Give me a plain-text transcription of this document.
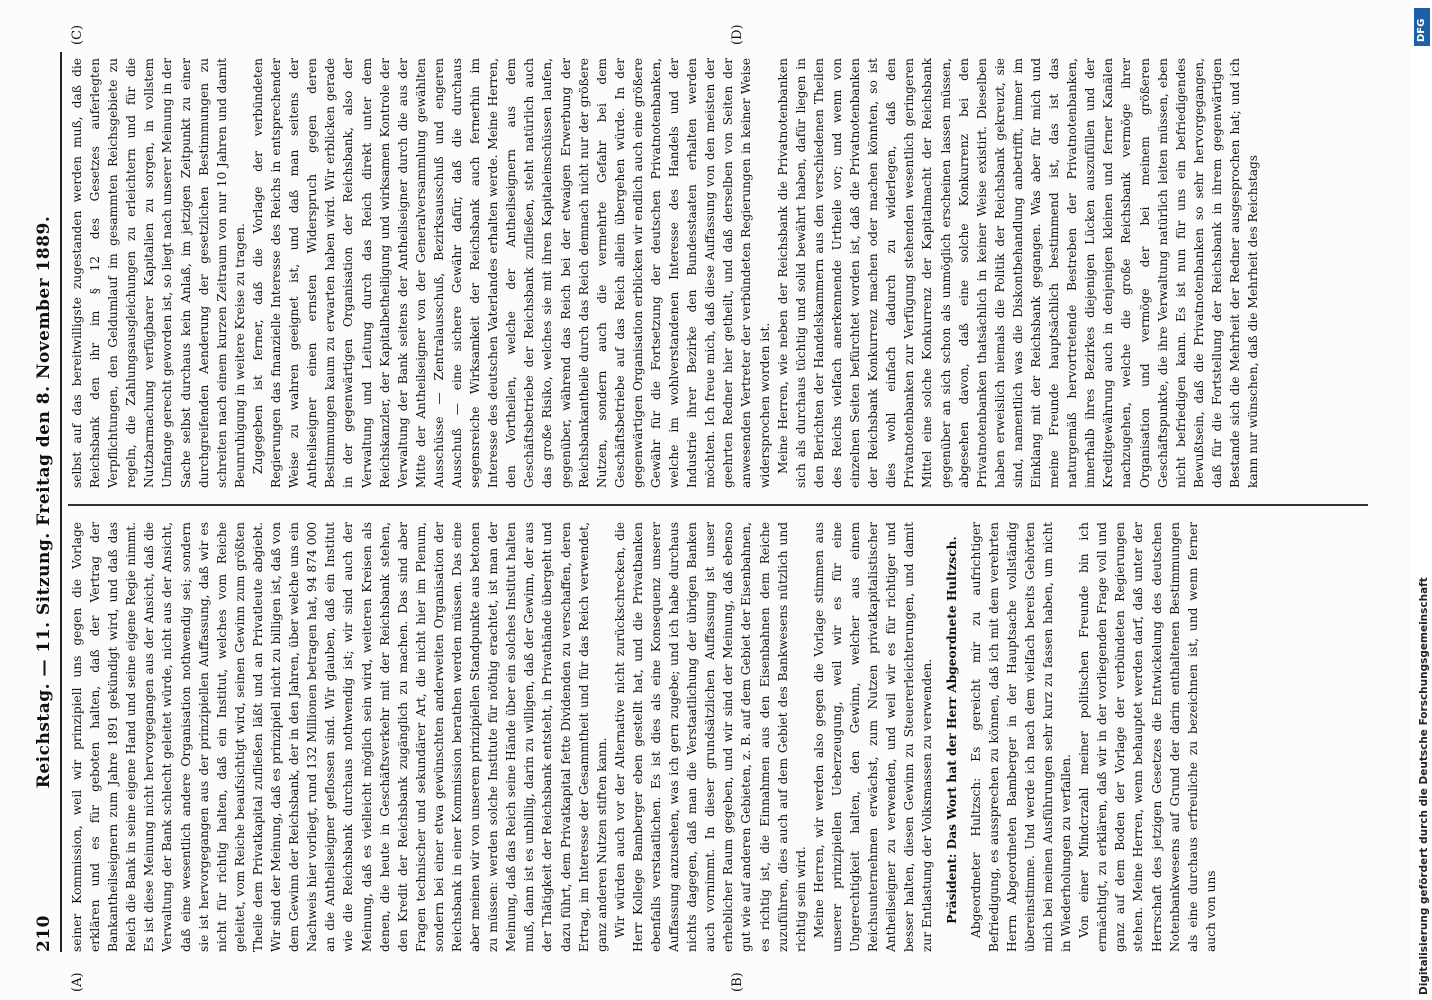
210
Reichstag. — 11. Sitzung. Freitag den 8. November 1889.
(A)	(B)
(C)	(D)

seiner Kommission, weil wir prinzipiell uns gegen die Vorlage erklären und es für geboten halten, daß der Vertrag der Bankantheilseignern zum Jahre 1891 gekündigt wird, und daß das Reich die Bank in seine eigene Hand und seine eigene Regie nimmt. Es ist diese Meinung nicht hervorgegangen aus der Ansicht, daß die Verwaltung der Bank schlecht geleitet würde, nicht aus der Ansicht, daß eine wesentlich andere Organisation nothwendig sei; sondern sie ist hervorgegangen aus der prinzipiellen Auffassung, daß wir es nicht für richtig halten, daß ein Institut, welches vom Reiche geleitet, vom Reiche beaufsichtigt wird, seinen Gewinn zum größten Theile dem Privatkapital zufließen läßt und an Privatleute abgiebt. Wir sind der Meinung, daß es prinzipiell nicht zu billigen ist, daß von dem Gewinn der Reichsbank, der in den Jahren, über welche uns ein Nachweis hier vorliegt, rund 132 Millionen betragen hat, 94 874 000 an die Antheilseigner geflossen sind. Wir glauben, daß ein Institut wie die Reichsbank durchaus nothwendig ist; wir sind auch der Meinung, daß es vielleicht möglich sein wird, weiteren Kreisen als denen, die heute in Geschäftsverkehr mit der Reichsbank stehen, den Kredit der Reichsbank zugänglich zu machen. Das sind aber Fragen technischer und sekundärer Art, die nicht hier im Plenum, sondern bei einer etwa gewünschten anderweiten Organisation der Reichsbank in einer Kommission berathen werden müssen. Das eine aber meinen wir von unserem prinzipiellen Standpunkte aus betonen zu müssen: werden solche Institute für nöthig erachtet, ist man der Meinung, daß das Reich seine Hände über ein solches Institut halten muß, dann ist es unbillig, darin zu willigen, daß der Gewinn, der aus der Thätigkeit der Reichsbank entsteht, in Privathände übergeht und dazu führt, dem Privatkapital fette Dividenden zu verschaffen, deren Ertrag, im Interesse der Gesammtheit und für das Reich verwendet, ganz anderen Nutzen stiften kann. Wir würden auch vor der Alternative nicht zurückschrecken, die Herr Kollege Bamberger eben gestellt hat, und die Privatbanken ebenfalls verstaatlichen. Es ist dies als eine Konsequenz unserer Auffassung anzusehen, was ich gern zugebe; und ich habe durchaus nichts dagegen, daß man die Verstaatlichung der übrigen Banken auch vornimmt. In dieser grundsätzlichen Auffassung ist unser erheblicher Raum gegeben, und wir sind der Meinung, daß ebenso gut wie auf anderen Gebieten, z. B. auf dem Gebiet der Eisenbahnen, es richtig ist, die Einnahmen aus den Eisenbahnen dem Reiche zuzuführen, dies auch auf dem Gebiet des Bankwesens nützlich und richtig sein wird. Meine Herren, wir werden also gegen die Vorlage stimmen aus unserer prinzipiellen Ueberzeugung, weil wir es für eine Ungerechtigkeit halten, den Gewinn, welcher aus einem Reichsunternehmen erwächst, zum Nutzen privatkapitalistischer Antheilseigner zu verwenden, und weil wir es für richtiger und besser halten, diesen Gewinn zu Steuererleichterungen, und damit zur Entlastung der Volksmassen zu verwenden. Präsident: Das Wort hat der Herr Abgeordnete Hultzsch. Abgeordneter Hultzsch: Es gereicht mir zu aufrichtiger Befriedigung, es aussprechen zu können, daß ich mit dem verehrten Herrn Abgeordneten Bamberger in der Hauptsache vollständig übereinstimme. Und werde ich nach dem vielfach bereits Gehörten mich bei meinen Ausführungen sehr kurz zu fassen haben, um nicht in Wiederholungen zu verfallen. Von einer Mindcrzahl meiner politischen Freunde bin ich ermächtigt, zu erklären, daß wir in der vorliegenden Frage voll und ganz auf dem Boden der Vorlage der verbündeten Regierungen stehen. Meine Herren, wenn behauptet werden darf, daß unter der Herrschaft des jetzigen Gesetzes die Entwickelung des deutschen Notenbankwesens auf Grund der darin enthaltenen Bestimmungen als eine durchaus erfreuliche zu bezeichnen ist, und wenn ferner auch von uns

selbst auf das bereitwilligste zugestanden werden muß, daß die Reichsbank den ihr im § 12 des Gesetzes auferlegten Verpflichtungen, den Geldumlauf im gesammten Reichsgebiete zu regeln, die Zahlungsausgleichungen zu erleichtern und für die Nutzbarmachung verfügbarer Kapitalien zu sorgen, in vollstem Umfange gerecht geworden ist, so liegt nach unserer Meinung in der Sache selbst durchaus kein Anlaß, im jetzigen Zeitpunkt zu einer durchgreifenden Aenderung der gesetzlichen Bestimmungen zu schreiten nach einem kurzen Zeitraum von nur 10 Jahren und damit Beunruhigung in weitere Kreise zu tragen. Zugegeben ist ferner, daß die Vorlage der verbündeten Regierungen das finanzielle Interesse des Reichs in entsprechender Weise zu wahren geeignet ist, und daß man seitens der Antheilseigner einen ernsten Widerspruch gegen deren Bestimmungen kaum zu erwarten haben wird. Wir erblicken gerade in der gegenwärtigen Organisation der Reichsbank, also der Verwaltung und Leitung durch das Reich direkt unter dem Reichskanzler, der Kapitalbetheiligung und wirksamen Kontrole der Verwaltung der Bank seitens der Antheilseigner durch die aus der Mitte der Antheilseigner von der Generalversammlung gewählten Ausschüsse — Zentralausschuß, Bezirksausschuß und engeren Ausschuß — eine sichere Gewähr dafür, daß die durchaus segensreiche Wirksamkeit der Reichsbank auch fernerhin im Interesse des deutschen Vaterlandes erhalten werde. Meine Herren, den Vortheilen, welche der Antheilseignern aus dem Geschäftsbetriebe der Reichsbank zufließen, steht natürlich auch das große Risiko, welches sie mit ihren Kapitaleinschüssen laufen, gegenüber, während das Reich bei der etwaigen Erwerbung der Reichsbankantheile durch das Reich demnach nicht nur der größere Nutzen, sondern auch die vermehrte Gefahr bei dem Geschäftsbetriebe auf das Reich allein übergehen würde. In der gegenwärtigen Organisation erblicken wir endlich auch eine größere Gewähr für die Fortsetzung der deutschen Privatnotenbanken, welche im wohlverstandenen Interesse des Handels und der Industrie ihrer Bezirke den Bundesstaaten erhalten werden möchten. Ich freue mich, daß diese Auffassung von den meisten der geehrten Redner hier getheilt, und daß derselben von Seiten der anwesenden Vertreter der verbündeten Regierungen in keiner Weise widersprochen worden ist. Meine Herren, wie neben der Reichsbank die Privatnotenbanken sich als durchaus tüchtig und solid bewährt haben, dafür liegen in den Berichten der Handelskammern aus den verschiedenen Theilen des Reichs vielfach anerkennende Urtheile vor; und wenn von einzelnen Seiten befürchtet worden ist, daß die Privatnotenbanken der Reichsbank Konkurrenz machen oder machen könnten, so ist dies wohl einfach dadurch zu widerlegen, daß den Privatnotenbanken zur Verfügung stehenden wesentlich geringeren Mittel eine solche Konkurrenz der Kapitalmacht der Reichsbank gegenüber an sich schon als unmöglich erscheinen lassen müssen, abgesehen davon, daß eine solche Konkurrenz bei den Privatnotenbanken thatsächlich in keiner Weise existirt. Dieselben haben erweislich niemals die Politik der Reichsbank gekreuzt, sie sind, namentlich was die Diskontbehandlung anbetrifft, immer im Einklang mit der Reichsbank gegangen. Was aber für mich und meine Freunde hauptsächlich bestimmend ist, das ist das naturgemäß hervortretende Bestreben der Privatnotenbanken, innerhalb ihres Bezirkes diejenigen Lücken auszufüllen und der Kreditgewährung auch in denjenigen kleinen und ferner Kanälen nachzugehen, welche die große Reichsbank vermöge ihrer Organisation und vermöge der bei meinem größeren Geschäftspunkte, die ihre Verwaltung natürlich leiten müssen, eben nicht befriedigen kann. Es ist nun für uns ein befriedigendes Bewußtsein, daß die Privatnotenbanken so sehr hervorgegangen, daß für die Fortstellung der Reichsbank in ihrem gegenwärtigen Bestande sich die Mehrheit der Redner ausgesprochen hat; und ich kann nur wünschen, daß die Mehrheit des Reichstags

DFG
Digitalisierung gefördert durch die Deutsche Forschungsgemeinschaft
